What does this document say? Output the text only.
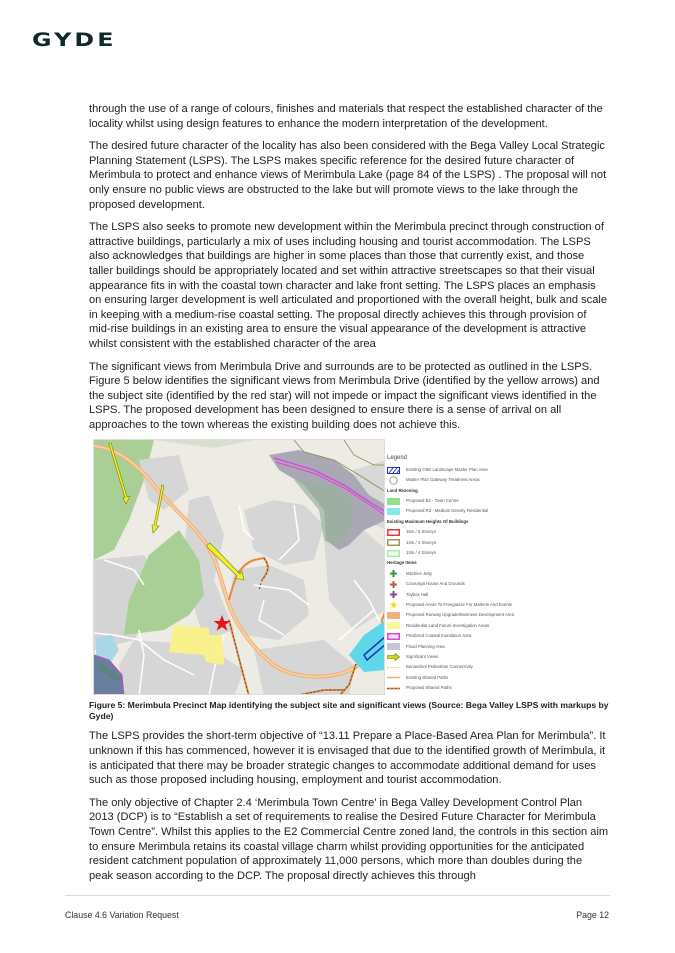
GYDE

through the use of a range of colours, finishes and materials that respect the established character of the locality whilst using design features to enhance the modern interpretation of the development.

The desired future character of the locality has also been considered with the Bega Valley Local Strategic Planning Statement (LSPS). The LSPS makes specific reference for the desired future character of Merimbula to protect and enhance views of Merimbula Lake (page 84 of the LSPS) . The proposal will not only ensure no public views are obstructed to the lake but will promote views to the lake through the proposed development.

The LSPS also seeks to promote new development within the Merimbula precinct through construction of attractive buildings, particularly a mix of uses including housing and tourist accommodation. The LSPS also acknowledges that buildings are higher in some places than those that currently exist, and those taller buildings should be appropriately located and set within attractive streetscapes so that their visual appearance fits in with the coastal town character and lake front setting. The LSPS places an emphasis on ensuring larger development is well articulated and proportioned with the overall height, bulk and scale in keeping with a medium-rise coastal setting. The proposal directly achieves this through provision of mid-rise buildings in an existing area to ensure the visual appearance of the development is attractive whilst consistent with the established character of the area

The significant views from Merimbula Drive and surrounds are to be protected as outlined in the LSPS. Figure 5 below identifies the significant views from Merimbula Drive (identified by the yellow arrows) and the subject site (identified by the red star) will not impede or impact the significant views identified in the LSPS. The proposed development has been designed to ensure there is a sense of arrival on all approaches to the town whereas the existing building does not achieve this.

Legend
Existing CBD Landscape Master Plan Area
Master Plan Gateway Treatment Areas
Land Rezoning
Proposed B2 - Town Centre
Proposed R3 - Medium Density Residential
Existing Maximum Heights Of Buildings
16m / 5 Storeys
14m / 4 Storeys
13m / 4 Storeys
Heritage Items
Mitchies Jetty
Courunga House And Grounds
Toybox Hall
Proposed Areas To Freeganize For Markets And Events
Proposed Runway Upgrade/Business Development Area
Residential Land Future Investigation Areas
Predicted Coastal Inundation Area
Flood Planning Area
Significant Views
Benandool Pedestrian Connectivity
Existing Shared Paths
Proposed Shared Paths
Figure 5: Merimbula Precinct Map identifying the subject site and significant views (Source: Bega Valley LSPS with markups by Gyde)

The LSPS provides the short-term objective of “13.11 Prepare a Place-Based Area Plan for Merimbula”. It unknown if this has commenced, however it is envisaged that due to the identified growth of Merimbula, it is anticipated that there may be broader strategic changes to accommodate additional demand for uses such as those proposed including housing, employment and tourist accommodation.

The only objective of Chapter 2.4 ‘Merimbula Town Centre’ in Bega Valley Development Control Plan 2013 (DCP) is to “Establish a set of requirements to realise the Desired Future Character for Merimbula Town Centre”. Whilst this applies to the E2 Commercial Centre zoned land, the controls in this section aim to ensure Merimbula retains its coastal village charm whilst providing opportunities for the anticipated resident catchment population of approximately 11,000 persons, which more than doubles during the peak season according to the DCP. The proposal directly achieves this through

Clause 4.6 Variation Request	Page 12
